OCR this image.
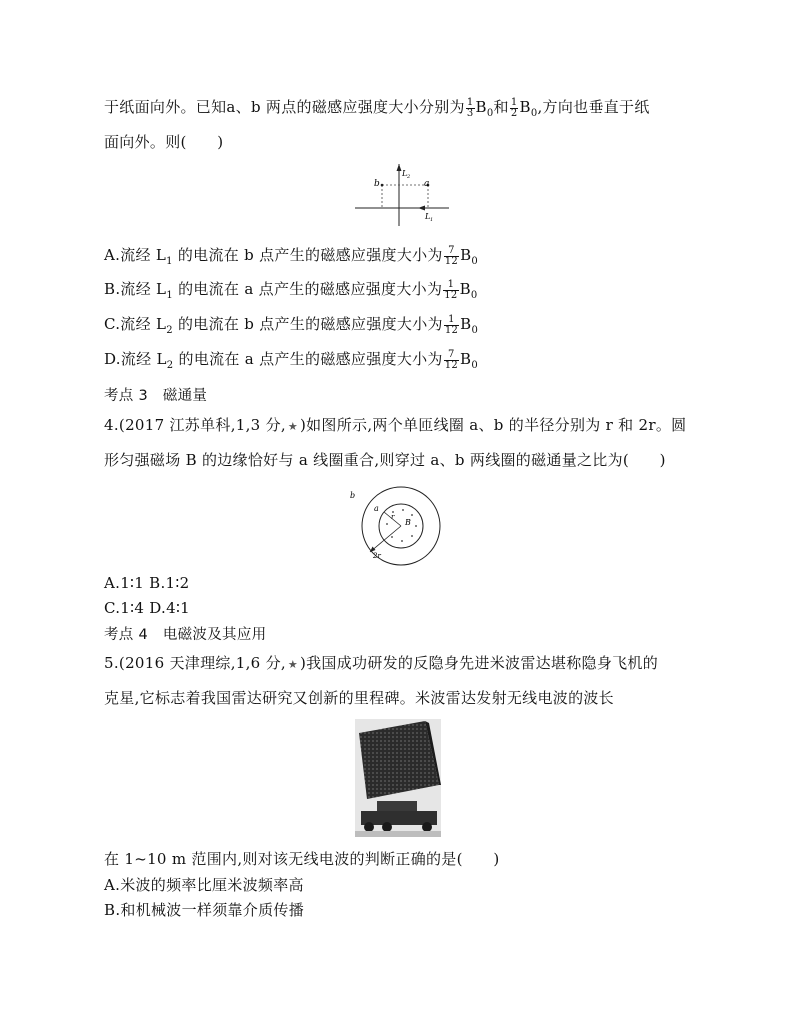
于纸面向外。已知a、b 两点的磁感应强度大小分别为 $\frac{1}{3} B_0$和 $\frac{1}{2} B_0$,方向也垂直于纸
面向外。则(　　)
b	a
L 2
L 1
A.流经 $L_1$ 的电流在 b 点产生的磁感应强度大小为 $\frac{7}{12} B_0$
B.流经 $L_1$ 的电流在 a 点产生的磁感应强度大小为 $\frac{1}{12} B_0$
C.流经 $L_2$ 的电流在 b 点产生的磁感应强度大小为 $\frac{1}{12} B_0$
D.流经 $L_2$ 的电流在 a 点产生的磁感应强度大小为 $\frac{7}{12} B_0$
考点 3　磁通量
4.(2017 江苏单科,1,3 分, ★ )如图所示,两个单匝线圈 a、b 的半径分别为 r 和 2r。圆
形匀强磁场 B 的边缘恰好与 a 线圈重合,则穿过 a、b 两线圈的磁通量之比为(　　)
b
a
r
B
2r
A.1∶1 B.1∶2
C.1∶4 D.4∶1
考点 4　电磁波及其应用
5.(2016 天津理综,1,6 分, ★ )我国成功研发的反隐身先进米波雷达堪称隐身飞机的
克星,它标志着我国雷达研究又创新的里程碑。米波雷达发射无线电波的波长
在 1~10 m 范围内,则对该无线电波的判断正确的是(　　)
A.米波的频率比厘米波频率高
B.和机械波一样须靠介质传播
